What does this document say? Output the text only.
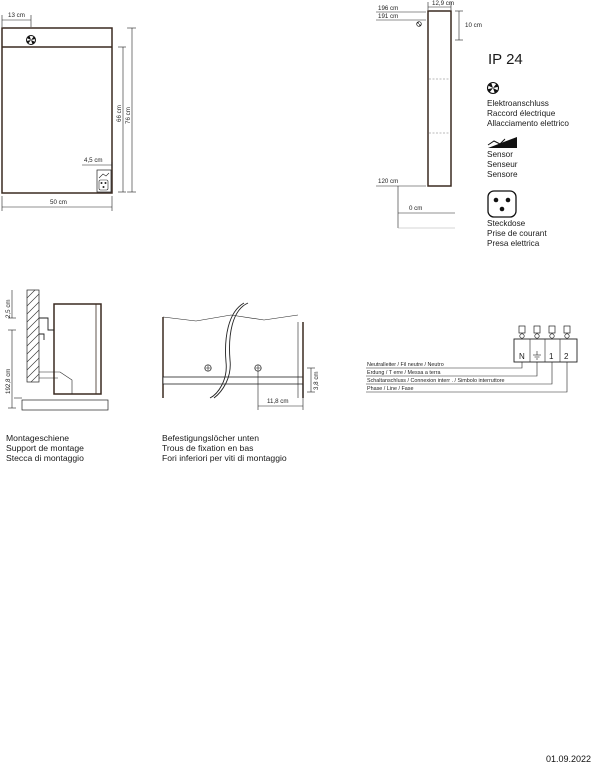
13 cm
50 cm
66 cm 76 cm
4,5 cm
196 cm
191 cm
12,9 cm
10 cm
120 cm
0 cm
IP 24
Elektroanschluss
Raccord électrique
Allacciamento elettrico
Sensor
Senseur
Sensore
Steckdose
Prise de courant
Presa elettrica
2,5 cm
192,8 cm
Montageschiene
Support de montage
Stecca di montaggio
11,8 cm
3,8 cm
Befestigungslöcher unten
Trous de fixation en bas
Fori inferiori per viti di montaggio
N	1 2
Neutralleiter / Fil neutre / Neutro
Erdung / T erre / Messa a terra
Schaltanschluss / Connexion interr . / Simbolo interruttore
Phase / Line / Fase
01.09.2022
